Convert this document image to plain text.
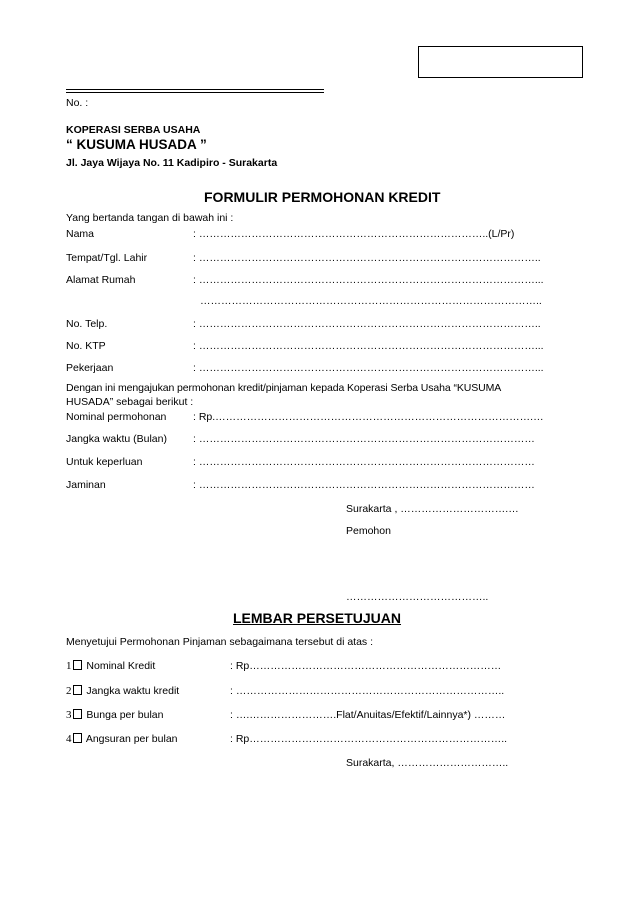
No. :
KOPERASI SERBA USAHA
“ KUSUMA HUSADA ”
Jl. Jaya Wijaya No. 11 Kadipiro - Surakarta
FORMULIR PERMOHONAN KREDIT
Yang bertanda tangan di bawah ini :
Nama	: ………………………………………………………………………..(L/Pr)
Tempat/Tgl. Lahir	: ……………………………………………………………………………………..
Alamat Rumah	: ……………………………………………………………………………………...
……………………………………………………………………………………..
No. Telp.	: ……………………………………………………………………………………..
No. KTP	: ……………………………………………………………………………………...
Pekerjaan	: ……………………………………………………………………………………...
Dengan ini mengajukan permohonan kredit/pinjaman kepada Koperasi Serba Usaha “KUSUMA
HUSADA” sebagai berikut :
Nominal permohonan	: Rp.……………………………………………………………………………….…
Jangka waktu (Bulan) : ……………………………………………………………………………………
Untuk keperluan	: ……………………………………………………………………………………
Jaminan	: ……………………………………………………………………………………
Surakarta , ………………………….…
Pemohon
…………………………………..
LEMBAR PERSETUJUAN
Menyetujui Permohonan Pinjaman sebagaimana tersebut di atas :
1 Nominal Kredit	: Rp………………………………………………………………
2 Jangka waktu kredit	: …………………………………………………………………..
3 Bunga per bulan	: ….…………………….Flat/Anuitas/Efektif/Lainnya*) ………
4 Angsuran per bulan	: Rp………………………………………………………………..
Surakarta, …………………………..
